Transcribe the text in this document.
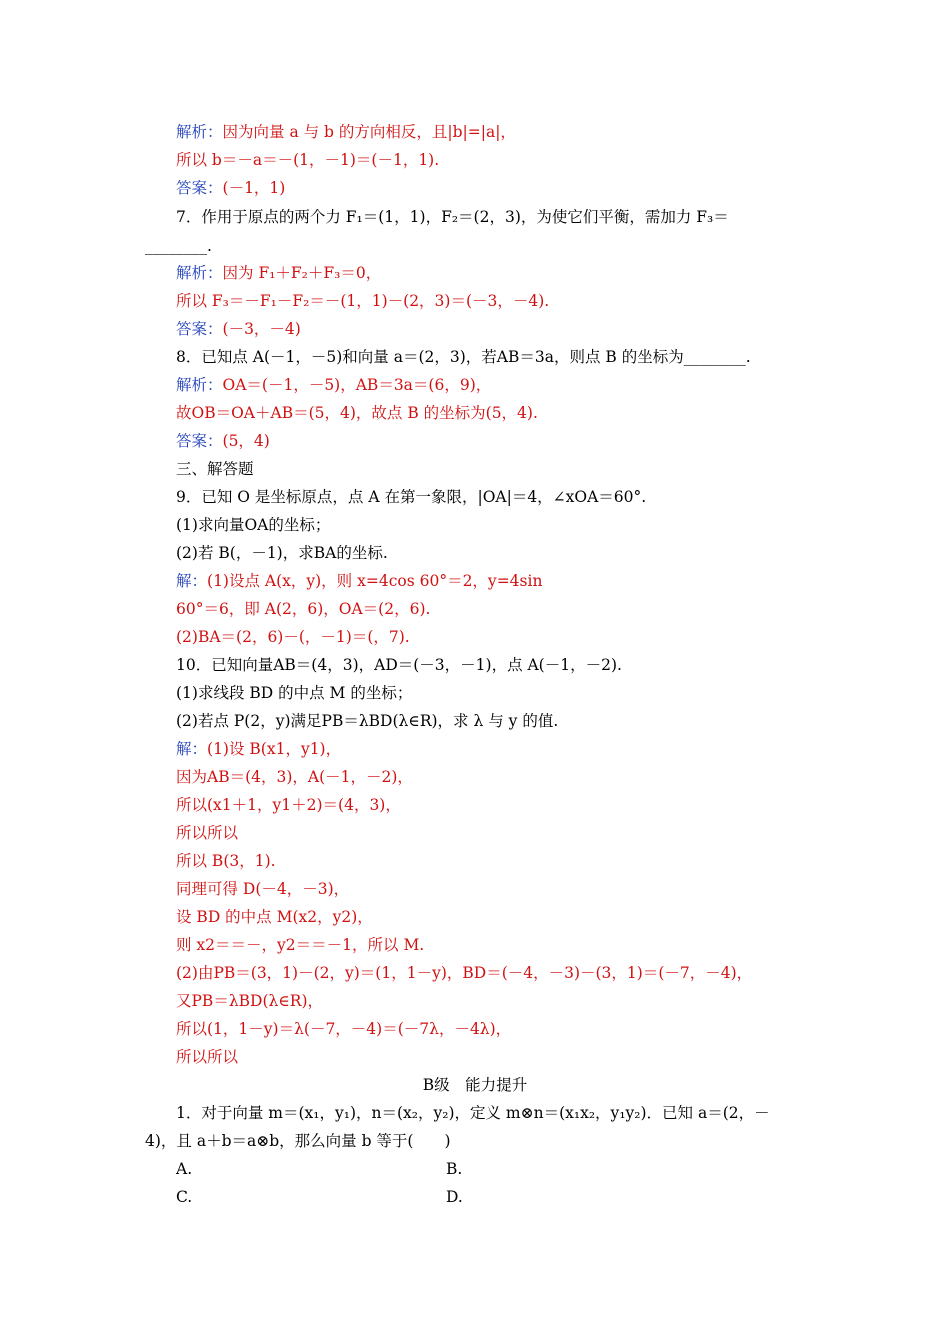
解析：因为向量 a 与 b 的方向相反，且|b|=|a|，
所以 b＝－a＝－(1，－1)＝(－1，1).
答案：(－1，1)
7．作用于原点的两个力 F₁＝(1，1)，F₂＝(2，3)，为使它们平衡，需加力 F₃＝
________.
解析：因为 F₁＋F₂＋F₃＝0，
所以 F₃＝－F₁－F₂＝－(1，1)－(2，3)＝(－3，－4).
答案：(－3，－4)
8．已知点 A(－1，－5)和向量 a＝(2，3)，若AB＝3a，则点 B 的坐标为________.
解析：OA＝(－1，－5)，AB＝3a＝(6，9)，
故OB＝OA＋AB＝(5，4)，故点 B 的坐标为(5，4).
答案：(5，4)
三、解答题
9．已知 O 是坐标原点，点 A 在第一象限，|OA|＝4，∠xOA＝60°.
(1)求向量OA的坐标；
(2)若 B(，－1)，求BA的坐标.
解：(1)设点 A(x，y)，则 x=4cos 60°＝2，y=4sin
60°＝6，即 A(2，6)，OA＝(2，6).
(2)BA＝(2，6)－(，－1)＝(，7).
10．已知向量AB＝(4，3)，AD＝(－3，－1)，点 A(－1，－2).
(1)求线段 BD 的中点 M 的坐标；
(2)若点 P(2，y)满足PB＝λBD(λ∈R)，求 λ 与 y 的值.
解：(1)设 B(x1，y1)，
因为AB＝(4，3)，A(－1，－2)，
所以(x1＋1，y1＋2)＝(4，3)，
所以所以
所以 B(3，1).
同理可得 D(－4，－3)，
设 BD 的中点 M(x2，y2)，
则 x2＝＝－，y2＝＝－1，所以 M.
(2)由PB＝(3，1)－(2，y)＝(1，1－y)，BD＝(－4，－3)－(3，1)＝(－7，－4)，
又PB＝λBD(λ∈R)，
所以(1，1－y)＝λ(－7，－4)＝(－7λ，－4λ)，
所以所以
B级　能力提升
1．对于向量 m＝(x₁，y₁)，n＝(x₂，y₂)，定义 m⊗n＝(x₁x₂，y₁y₂)．已知 a＝(2，－
4)，且 a＋b＝a⊗b，那么向量 b 等于(　　)
A.	B.
C.	D.
